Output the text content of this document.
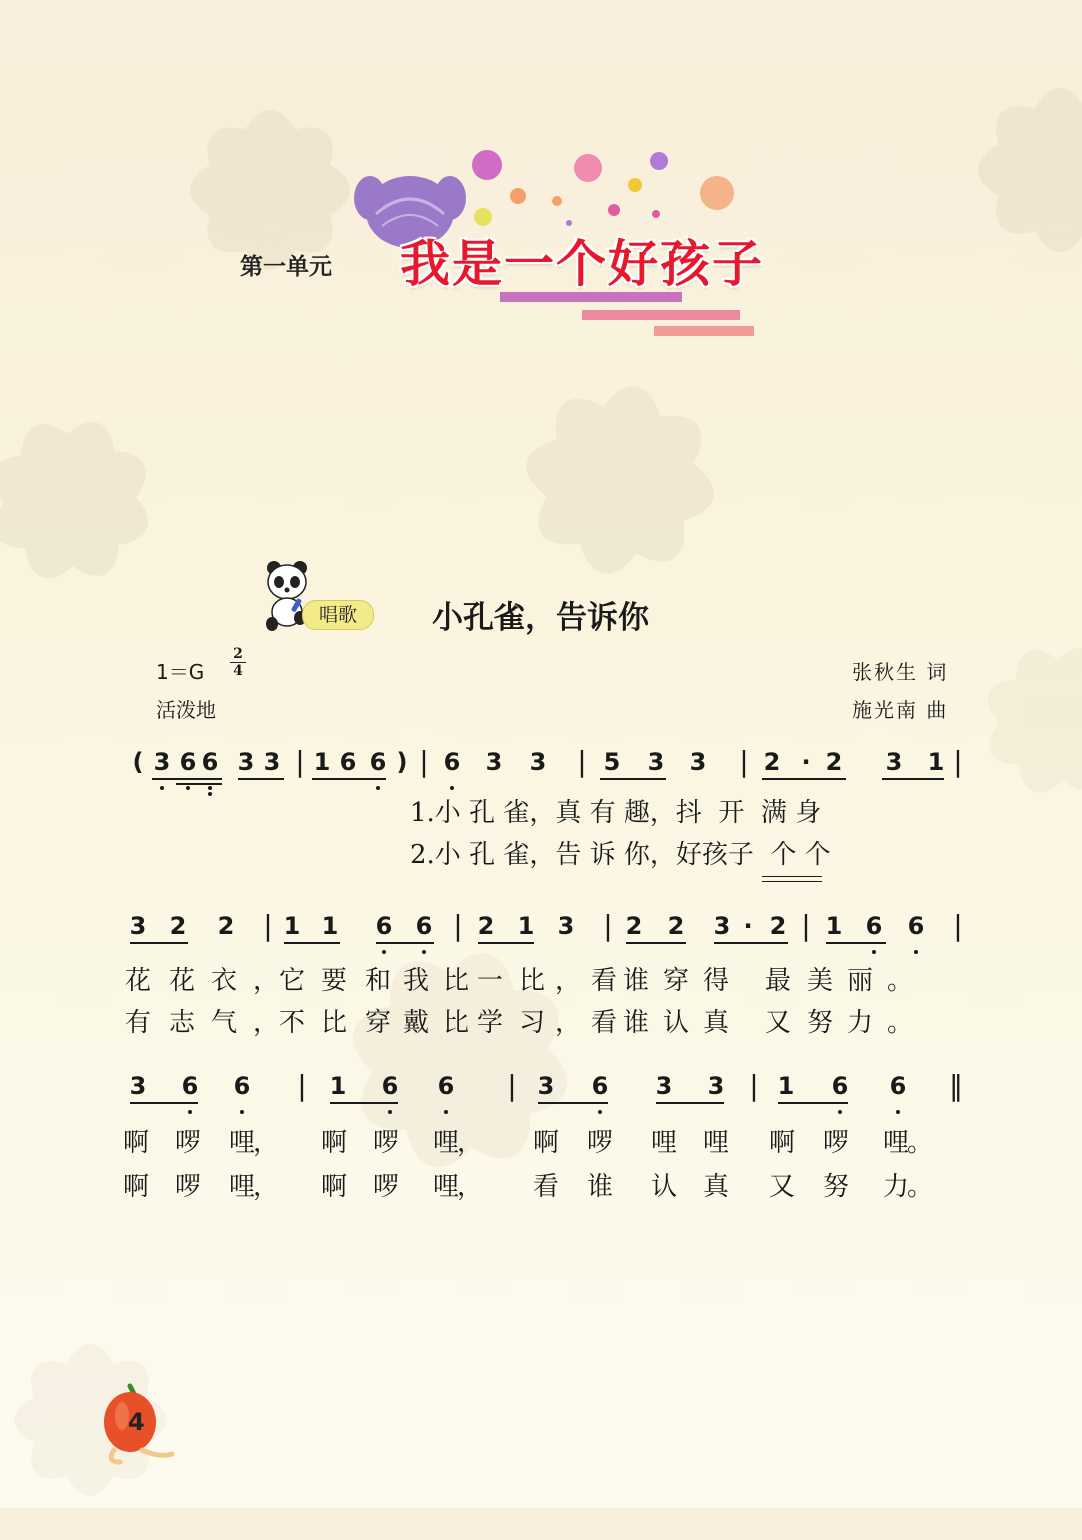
第一单元 我是一个好孩子
唱歌	小孔雀，告诉你
1＝G
2
4
活泼地
张秋生 词
施光南 曲
( 3 6 6 3 3 | 1 6 6 ) | 6 3 3 | 5 3 3 | 2 · 2 3 1 |
1.小 孔 雀，真 有 趣，抖  开  满 身
2.小 孔 雀，告 诉 你，好孩子  个 个
3 2 2 | 1 1 6 6 | 2 1 3 | 2 2 3 · 2 | 1 6 6 |
花 花 衣 ， 它 要 和 我 比 一 比 ， 看 谁 穿 得 最 美 丽 。
有 志 气 ， 不 比 穿 戴 比 学 习 ， 看 谁 认 真 又 努 力 。
3 6 6 | 1 6 6 | 3 6 3 3 | 1 6 6 ‖
啊 啰 哩
， 啊 啰 哩
， 啊 啰 哩 哩 啊 啰 哩
。
啊 啰 哩
， 啊 啰 哩
， 看 谁 认 真 又 努 力
。
4
